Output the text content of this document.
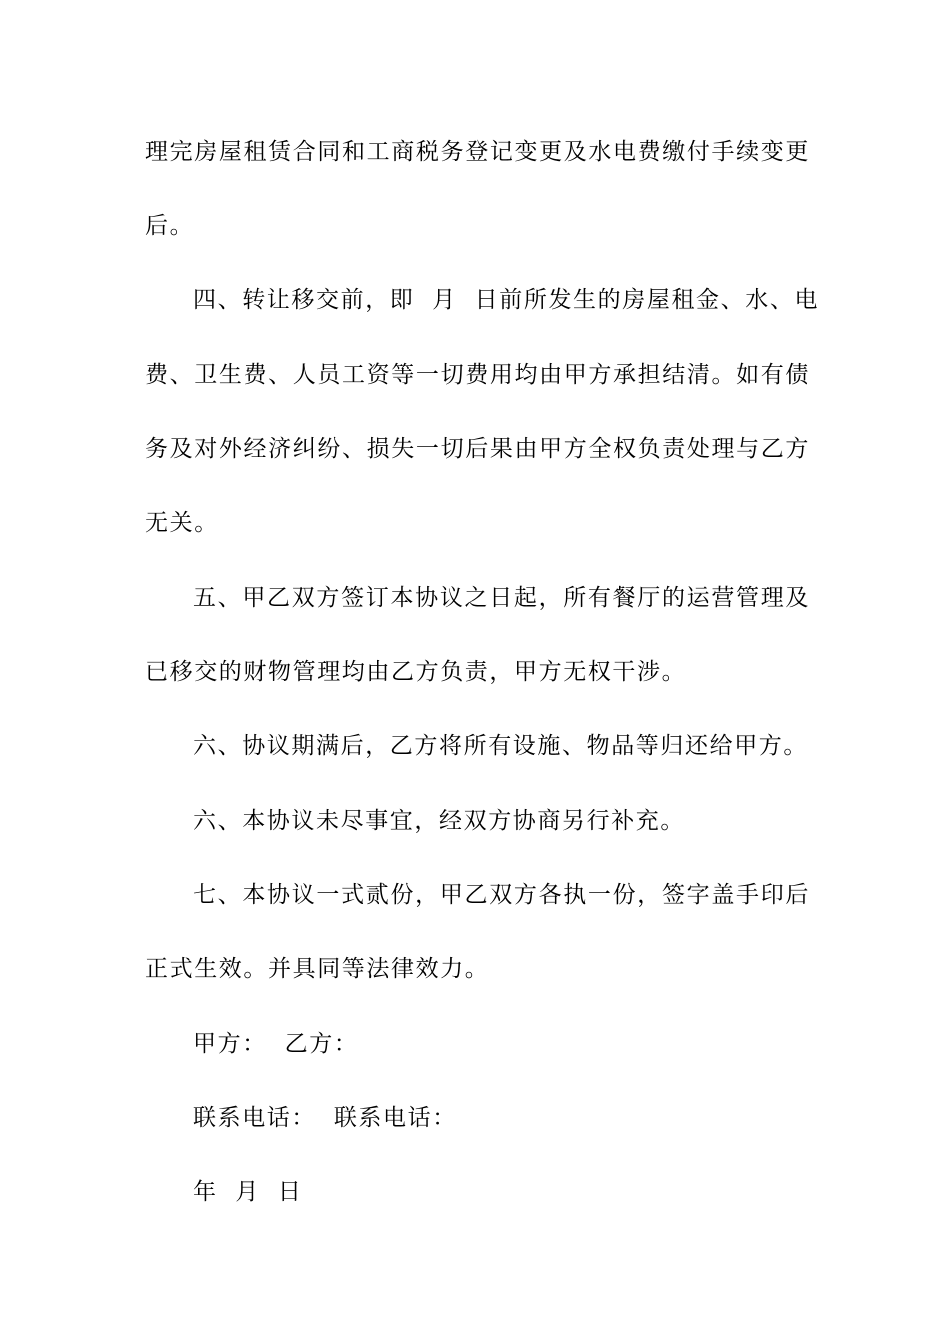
理完房屋租赁合同和工商税务登记变更及水电费缴付手续变更
后。
四、转让移交前，即  月  日前所发生的房屋租金、水、电
费、卫生费、人员工资等一切费用均由甲方承担结清。如有债
务及对外经济纠纷、损失一切后果由甲方全权负责处理与乙方
无关。
五、甲乙双方签订本协议之日起，所有餐厅的运营管理及
已移交的财物管理均由乙方负责，甲方无权干涉。
六、协议期满后，乙方将所有设施、物品等归还给甲方。
六、本协议未尽事宜，经双方协商另行补充。
七、本协议一式贰份，甲乙双方各执一份，签字盖手印后
正式生效。并具同等法律效力。
甲方：  乙方：
联系电话：  联系电话：
年  月  日
